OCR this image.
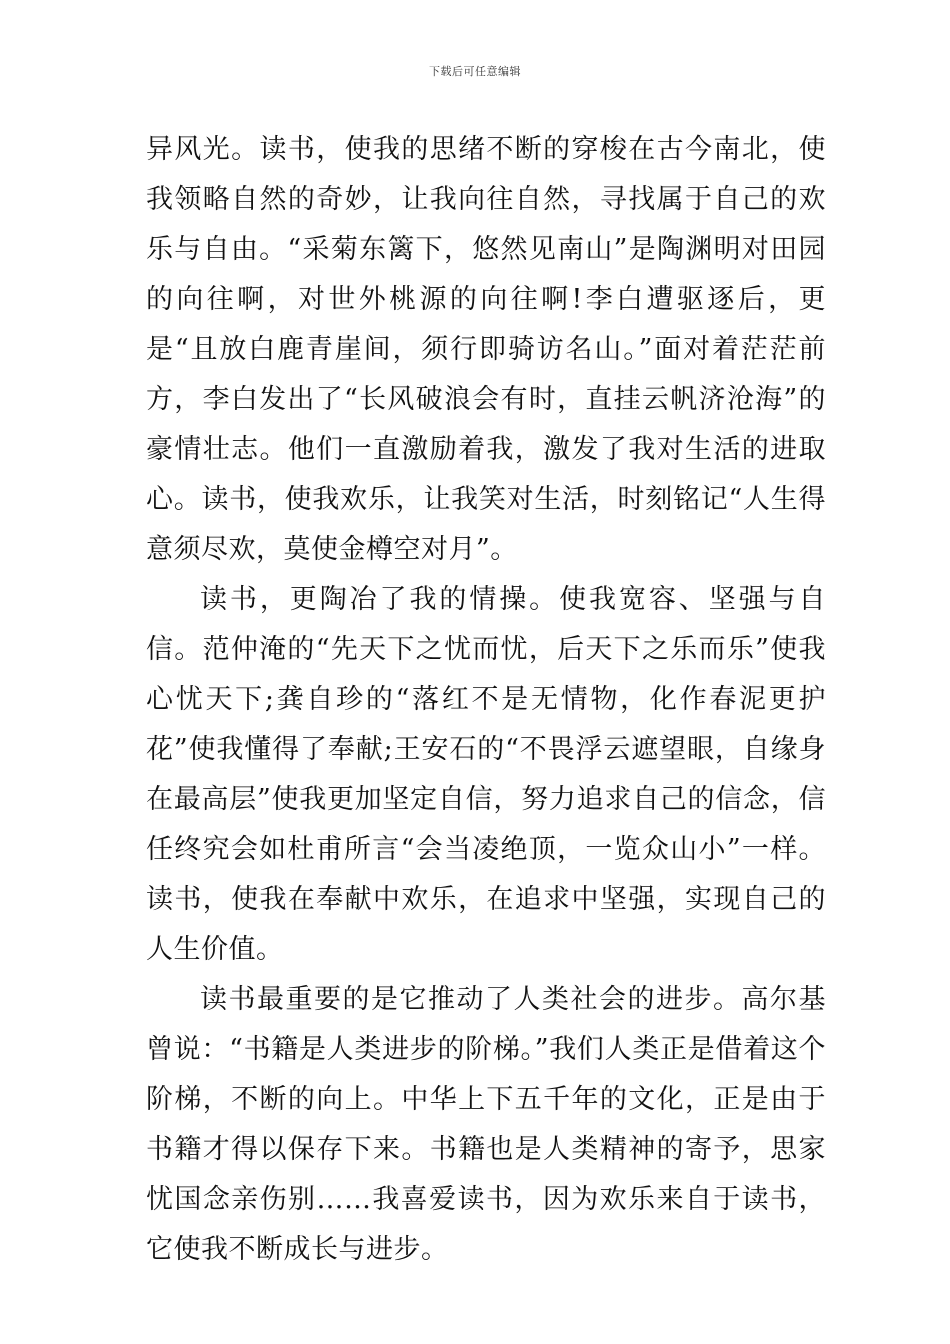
下载后可任意编辑

异风光。读书，使我的思绪不断的穿梭在古今南北，使我领略自然的奇妙，让我向往自然，寻找属于自己的欢乐与自由。“采菊东篱下，悠然见南山”是陶渊明对田园的向往啊，对世外桃源的向往啊!李白遭驱逐后，更是“且放白鹿青崖间，须行即骑访名山。”面对着茫茫前方，李白发出了“长风破浪会有时，直挂云帆济沧海”的豪情壮志。他们一直激励着我，激发了我对生活的进取心。读书，使我欢乐，让我笑对生活，时刻铭记“人生得意须尽欢，莫使金樽空对月”。

读书，更陶冶了我的情操。使我宽容、坚强与自信。范仲淹的“先天下之忧而忧，后天下之乐而乐”使我心忧天下;龚自珍的“落红不是无情物，化作春泥更护花”使我懂得了奉献;王安石的“不畏浮云遮望眼，自缘身在最高层”使我更加坚定自信，努力追求自己的信念，信任终究会如杜甫所言“会当凌绝顶，一览众山小”一样。读书，使我在奉献中欢乐，在追求中坚强，实现自己的人生价值。

读书最重要的是它推动了人类社会的进步。高尔基曾说：“书籍是人类进步的阶梯。”我们人类正是借着这个阶梯，不断的向上。中华上下五千年的文化，正是由于书籍才得以保存下来。书籍也是人类精神的寄予，思家忧国念亲伤别……我喜爱读书，因为欢乐来自于读书，它使我不断成长与进步。
